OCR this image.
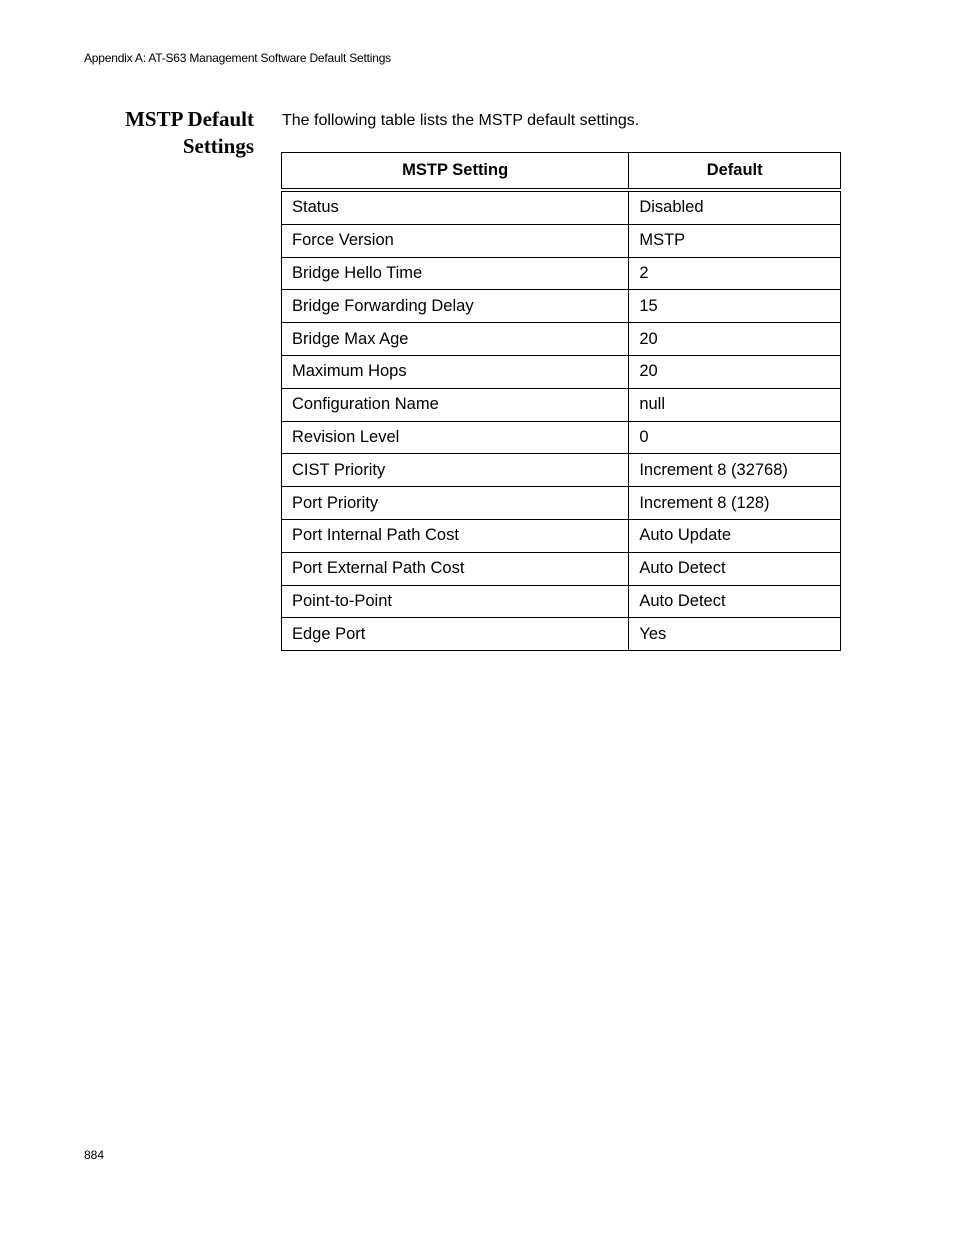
Appendix A: AT-S63 Management Software Default Settings
MSTP Default
Settings
The following table lists the MSTP default settings.
MSTP Setting	Default
Status	Disabled
Force Version	MSTP
Bridge Hello Time	2
Bridge Forwarding Delay	15
Bridge Max Age	20
Maximum Hops	20
Configuration Name	null
Revision Level	0
CIST Priority	Increment 8 (32768)
Port Priority	Increment 8 (128)
Port Internal Path Cost	Auto Update
Port External Path Cost	Auto Detect
Point-to-Point	Auto Detect
Edge Port	Yes
884
